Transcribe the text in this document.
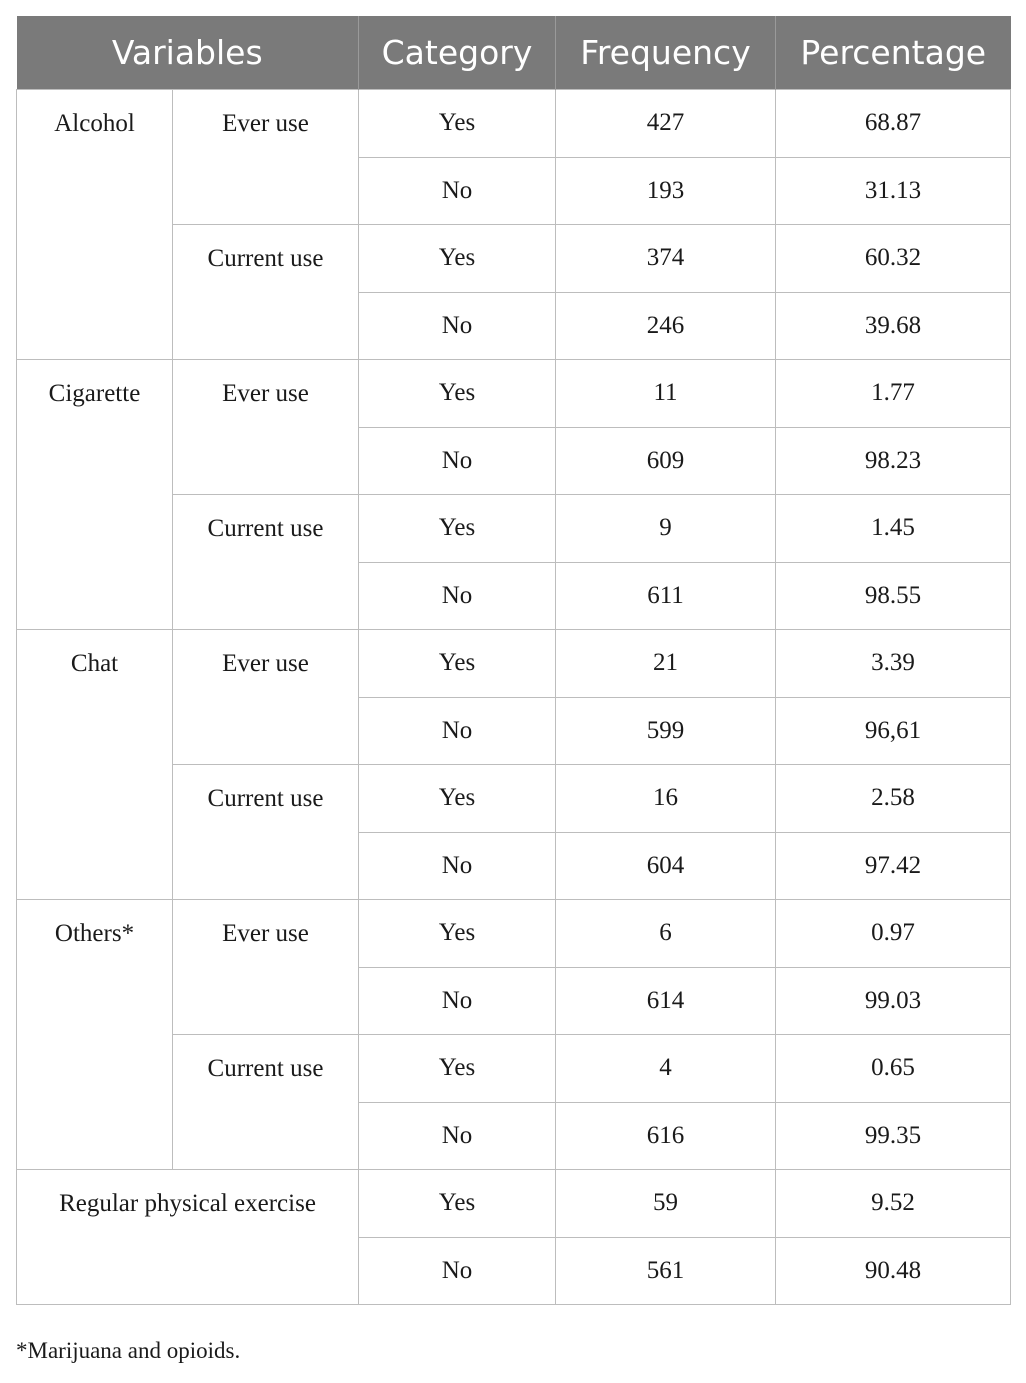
Variables		Category	Frequency	Percentage
Alcohol	Ever use	Yes	427	68.87
		No	193	31.13
	Current use	Yes	374	60.32
		No	246	39.68
Cigarette	Ever use	Yes	11	1.77
		No	609	98.23
	Current use	Yes	9	1.45
		No	611	98.55
Chat	Ever use	Yes	21	3.39
		No	599	96,61
	Current use	Yes	16	2.58
		No	604	97.42
Others*	Ever use	Yes	6	0.97
		No	614	99.03
	Current use	Yes	4	0.65
		No	616	99.35
Regular physical exercise		Yes	59	9.52
		No	561	90.48
*Marijuana and opioids.
